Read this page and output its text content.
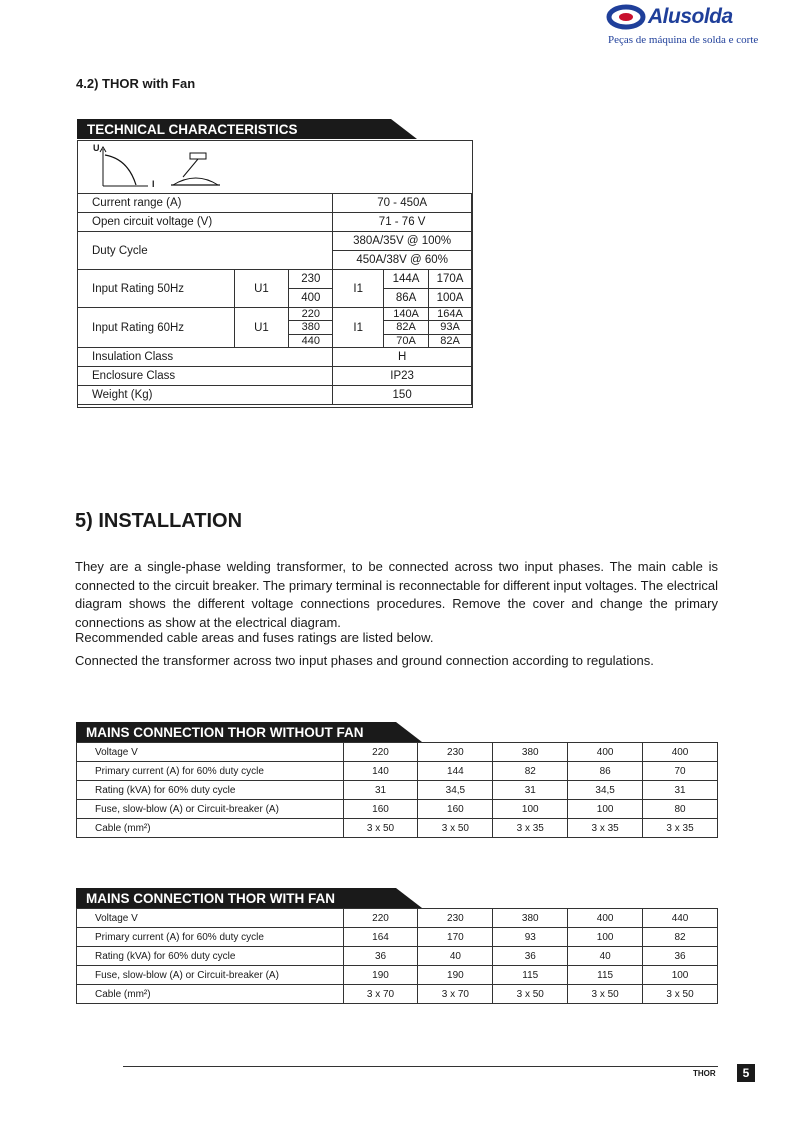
Alusolda
Peças de máquina de solda e corte
4.2) THOR with Fan
TECHNICAL CHARACTERISTICS
U
I
Current range (A)			70 - 450A		
Open circuit voltage (V)			71 - 76 V		
Duty Cycle			380A/35V @ 100%		
			450A/38V @ 60%		
Input Rating 50Hz	U1	230	I1	144A	170A
		400		86A	100A
Input Rating 60Hz	U1	220	I1	140A	164A
		380		82A	93A
		440		70A	82A
Insulation Class			H		
Enclosure Class			IP23		
Weight (Kg)			150		
5) INSTALLATION

They are a single-phase welding transformer, to be connected across two input phases. The main cable is connected to the circuit breaker. The primary terminal is reconnectable for different input voltages. The electrical diagram shows the different voltage connections procedures. Remove the cover and change the primary connections as show at the electrical diagram.

Recommended cable areas and fuses ratings are listed below.

Connected the transformer across two input phases and ground connection according to regulations.

MAINS CONNECTION THOR WITHOUT FAN
Voltage V	220	230	380	400	400
Primary current (A) for 60% duty cycle	140	144	82	86	70
Rating (kVA) for 60% duty cycle	31	34,5	31	34,5	31
Fuse, slow-blow (A) or Circuit-breaker (A)	160	160	100	100	80
Cable (mm²)	3 x 50	3 x 50	3 x 35	3 x 35	3 x 35
MAINS CONNECTION THOR WITH FAN
Voltage V	220	230	380	400	440
Primary current (A) for 60% duty cycle	164	170	93	100	82
Rating (kVA) for 60% duty cycle	36	40	36	40	36
Fuse, slow-blow (A) or Circuit-breaker (A)	190	190	115	115	100
Cable (mm²)	3 x 70	3 x 70	3 x 50	3 x 50	3 x 50
THOR	5
